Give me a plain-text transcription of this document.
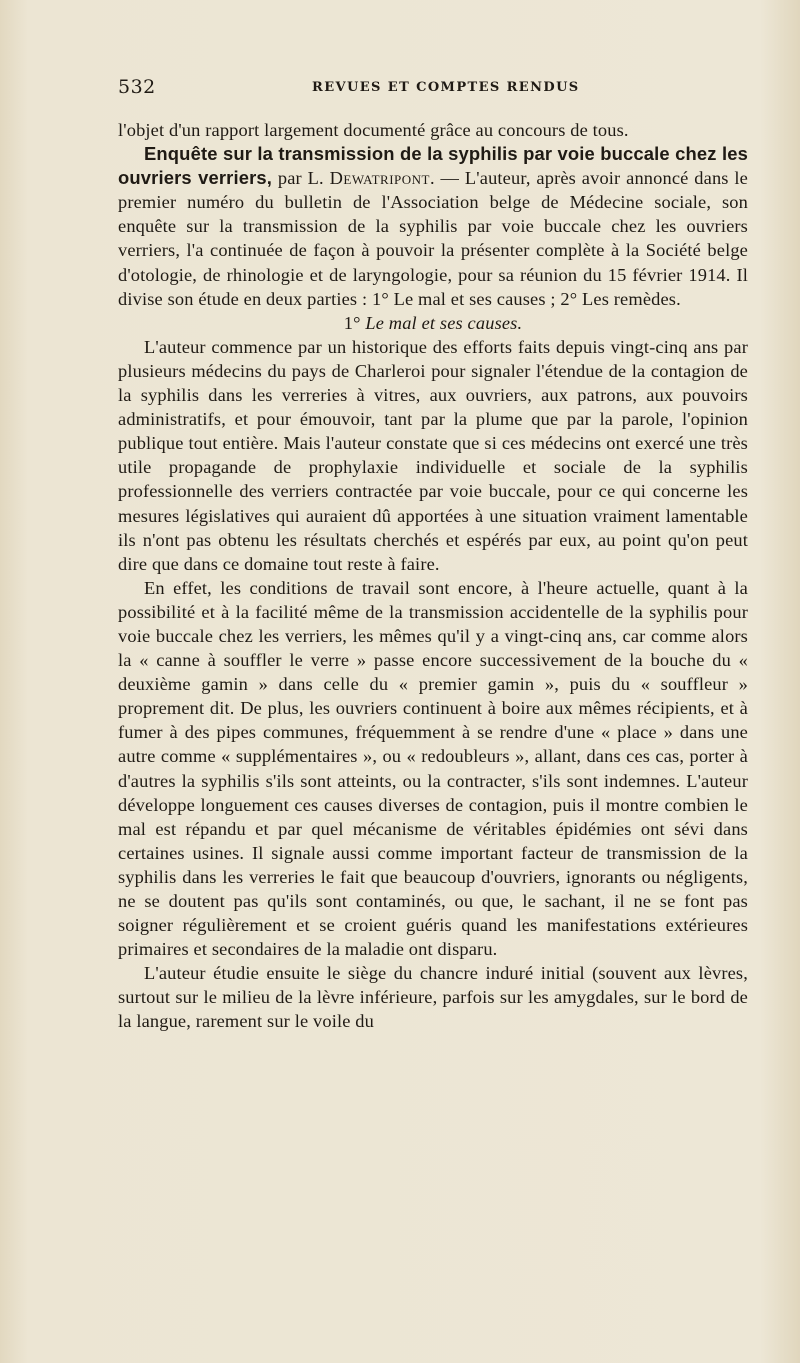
532	REVUES ET COMPTES RENDUS

l'objet d'un rapport largement documenté grâce au concours de tous.

Enquête sur la transmission de la syphilis par voie buccale chez les ouvriers verriers, par L. Dewatripont. — L'auteur, après avoir annoncé dans le premier numéro du bulletin de l'Association belge de Médecine sociale, son enquête sur la transmission de la syphilis par voie buccale chez les ouvriers verriers, l'a continuée de façon à pouvoir la présenter complète à la Société belge d'otologie, de rhinologie et de laryngologie, pour sa réunion du 15 février 1914. Il divise son étude en deux parties : 1° Le mal et ses causes ; 2° Les remèdes.

1° Le mal et ses causes.

L'auteur commence par un historique des efforts faits depuis vingt-cinq ans par plusieurs médecins du pays de Charleroi pour signaler l'étendue de la contagion de la syphilis dans les verreries à vitres, aux ouvriers, aux patrons, aux pouvoirs administratifs, et pour émouvoir, tant par la plume que par la parole, l'opinion publique tout entière. Mais l'auteur constate que si ces médecins ont exercé une très utile propagande de prophylaxie individuelle et sociale de la syphilis professionnelle des verriers contractée par voie buccale, pour ce qui concerne les mesures législatives qui auraient dû apportées à une situation vraiment lamentable ils n'ont pas obtenu les résultats cherchés et espérés par eux, au point qu'on peut dire que dans ce domaine tout reste à faire.

En effet, les conditions de travail sont encore, à l'heure actuelle, quant à la possibilité et à la facilité même de la transmission accidentelle de la syphilis pour voie buccale chez les verriers, les mêmes qu'il y a vingt-cinq ans, car comme alors la « canne à souffler le verre » passe encore successivement de la bouche du « deuxième gamin » dans celle du « premier gamin », puis du « souffleur » proprement dit. De plus, les ouvriers continuent à boire aux mêmes récipients, et à fumer à des pipes communes, fréquemment à se rendre d'une « place » dans une autre comme « supplémentaires », ou « redoubleurs », allant, dans ces cas, porter à d'autres la syphilis s'ils sont atteints, ou la contracter, s'ils sont indemnes. L'auteur développe longuement ces causes diverses de contagion, puis il montre combien le mal est répandu et par quel mécanisme de véritables épidémies ont sévi dans certaines usines. Il signale aussi comme important facteur de transmission de la syphilis dans les verreries le fait que beaucoup d'ouvriers, ignorants ou négligents, ne se doutent pas qu'ils sont contaminés, ou que, le sachant, il ne se font pas soigner régulièrement et se croient guéris quand les manifestations extérieures primaires et secondaires de la maladie ont disparu.

L'auteur étudie ensuite le siège du chancre induré initial (souvent aux lèvres, surtout sur le milieu de la lèvre inférieure, parfois sur les amygdales, sur le bord de la langue, rarement sur le voile du
